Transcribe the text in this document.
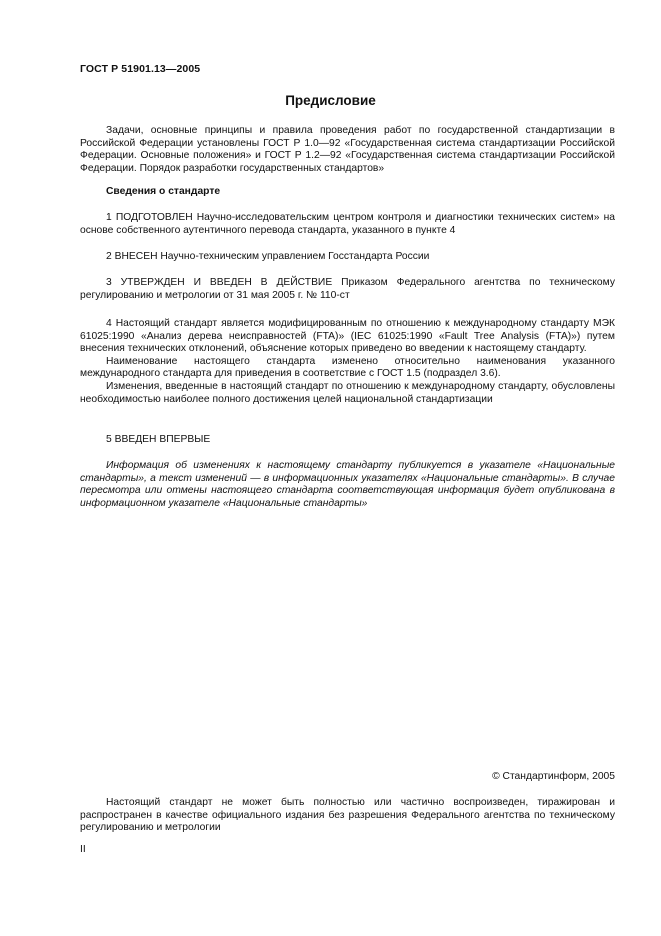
ГОСТ Р 51901.13—2005
Предисловие

Задачи, основные принципы и правила проведения работ по государственной стандартизации в Российской Федерации установлены ГОСТ Р 1.0—92 «Государственная система стандартизации Российской Федерации. Основные положения» и ГОСТ Р 1.2—92 «Государственная система стандартизации Российской Федерации. Порядок разработки государственных стандартов»

Сведения о стандарте

1 ПОДГОТОВЛЕН Научно-исследовательским центром контроля и диагностики технических систем» на основе собственного аутентичного перевода стандарта, указанного в пункте 4

2 ВНЕСЕН Научно-техническим управлением Госстандарта России

3 УТВЕРЖДЕН И ВВЕДЕН В ДЕЙСТВИЕ Приказом Федерального агентства по техническому регулированию и метрологии от 31 мая 2005 г. № 110-ст

4 Настоящий стандарт является модифицированным по отношению к международному стандарту МЭК 61025:1990 «Анализ дерева неисправностей (FTA)» (IEC 61025:1990 «Fault Tree Analysis (FTA)») путем внесения технических отклонений, объяснение которых приведено во введении к настоящему стандарту.

Наименование настоящего стандарта изменено относительно наименования указанного международного стандарта для приведения в соответствие с ГОСТ 1.5 (подраздел 3.6).

Изменения, введенные в настоящий стандарт по отношению к международному стандарту, обусловлены необходимостью наиболее полного достижения целей национальной стандартизации

5 ВВЕДЕН ВПЕРВЫЕ

Информация об изменениях к настоящему стандарту публикуется в указателе «Национальные стандарты», а текст изменений — в информационных указателях «Национальные стандарты». В случае пересмотра или отмены настоящего стандарта соответствующая информация будет опубликована в информационном указателе «Национальные стандарты»

© Стандартинформ, 2005

Настоящий стандарт не может быть полностью или частично воспроизведен, тиражирован и распространен в качестве официального издания без разрешения Федерального агентства по техническому регулированию и метрологии

II
